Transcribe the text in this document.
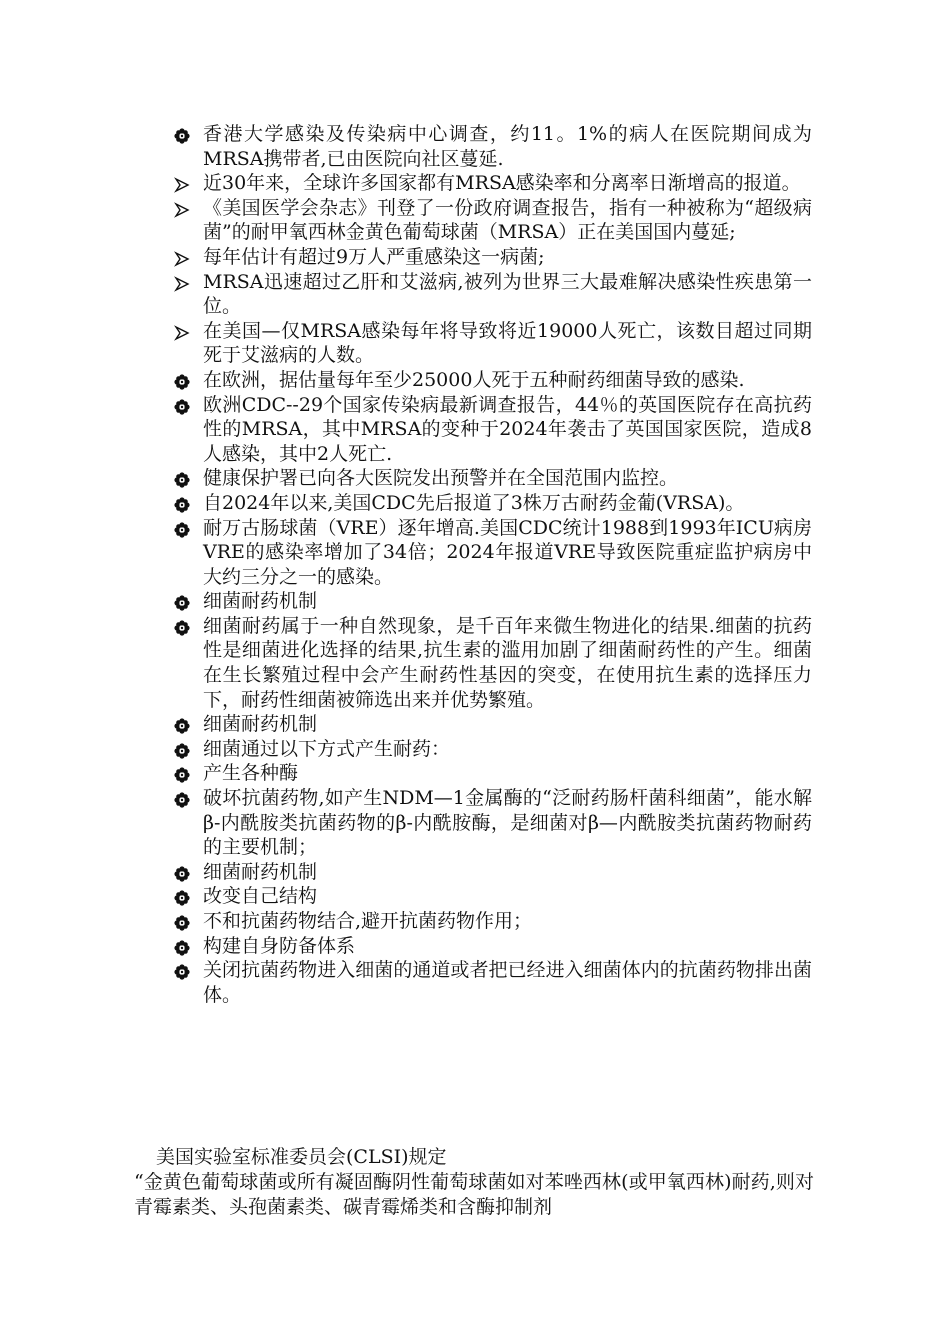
香港大学感染及传染病中心调查，约11。1%的病人在医院期间成为MRSA携带者,已由医院向社区蔓延.
近30年来，全球许多国家都有MRSA感染率和分离率日渐增高的报道。
《美国医学会杂志》刊登了一份政府调查报告，指有一种被称为“超级病菌”的耐甲氧西林金黄色葡萄球菌（MRSA）正在美国国内蔓延;
每年估计有超过9万人严重感染这一病菌;
MRSA迅速超过乙肝和艾滋病,被列为世界三大最难解决感染性疾患第一位。
在美国—仅MRSA感染每年将导致将近19000人死亡，该数目超过同期死于艾滋病的人数。
在欧洲，据估量每年至少25000人死于五种耐药细菌导致的感染.
欧洲CDC--29个国家传染病最新调查报告，44％的英国医院存在高抗药性的MRSA，其中MRSA的变种于2024年袭击了英国国家医院，造成8人感染，其中2人死亡.
健康保护署已向各大医院发出预警并在全国范围内监控。
自2024年以来,美国CDC先后报道了3株万古耐药金葡(VRSA)。
耐万古肠球菌（VRE）逐年增高.美国CDC统计1988到1993年ICU病房VRE的感染率增加了34倍；2024年报道VRE导致医院重症监护病房中大约三分之一的感染。
细菌耐药机制
细菌耐药属于一种自然现象，是千百年来微生物进化的结果.细菌的抗药性是细菌进化选择的结果,抗生素的滥用加剧了细菌耐药性的产生。细菌在生长繁殖过程中会产生耐药性基因的突变，在使用抗生素的选择压力下，耐药性细菌被筛选出来并优势繁殖。
细菌耐药机制
细菌通过以下方式产生耐药：
产生各种酶
破坏抗菌药物,如产生NDM—1金属酶的“泛耐药肠杆菌科细菌”，能水解β-内酰胺类抗菌药物的β-内酰胺酶，是细菌对β—内酰胺类抗菌药物耐药的主要机制；
细菌耐药机制
改变自己结构
不和抗菌药物结合,避开抗菌药物作用；
构建自身防备体系
关闭抗菌药物进入细菌的通道或者把已经进入细菌体内的抗菌药物排出菌体。

美国实验室标准委员会(CLSI)规定

“金黄色葡萄球菌或所有凝固酶阴性葡萄球菌如对苯唑西林(或甲氧西林)耐药,则对青霉素类、头孢菌素类、碳青霉烯类和含酶抑制剂
